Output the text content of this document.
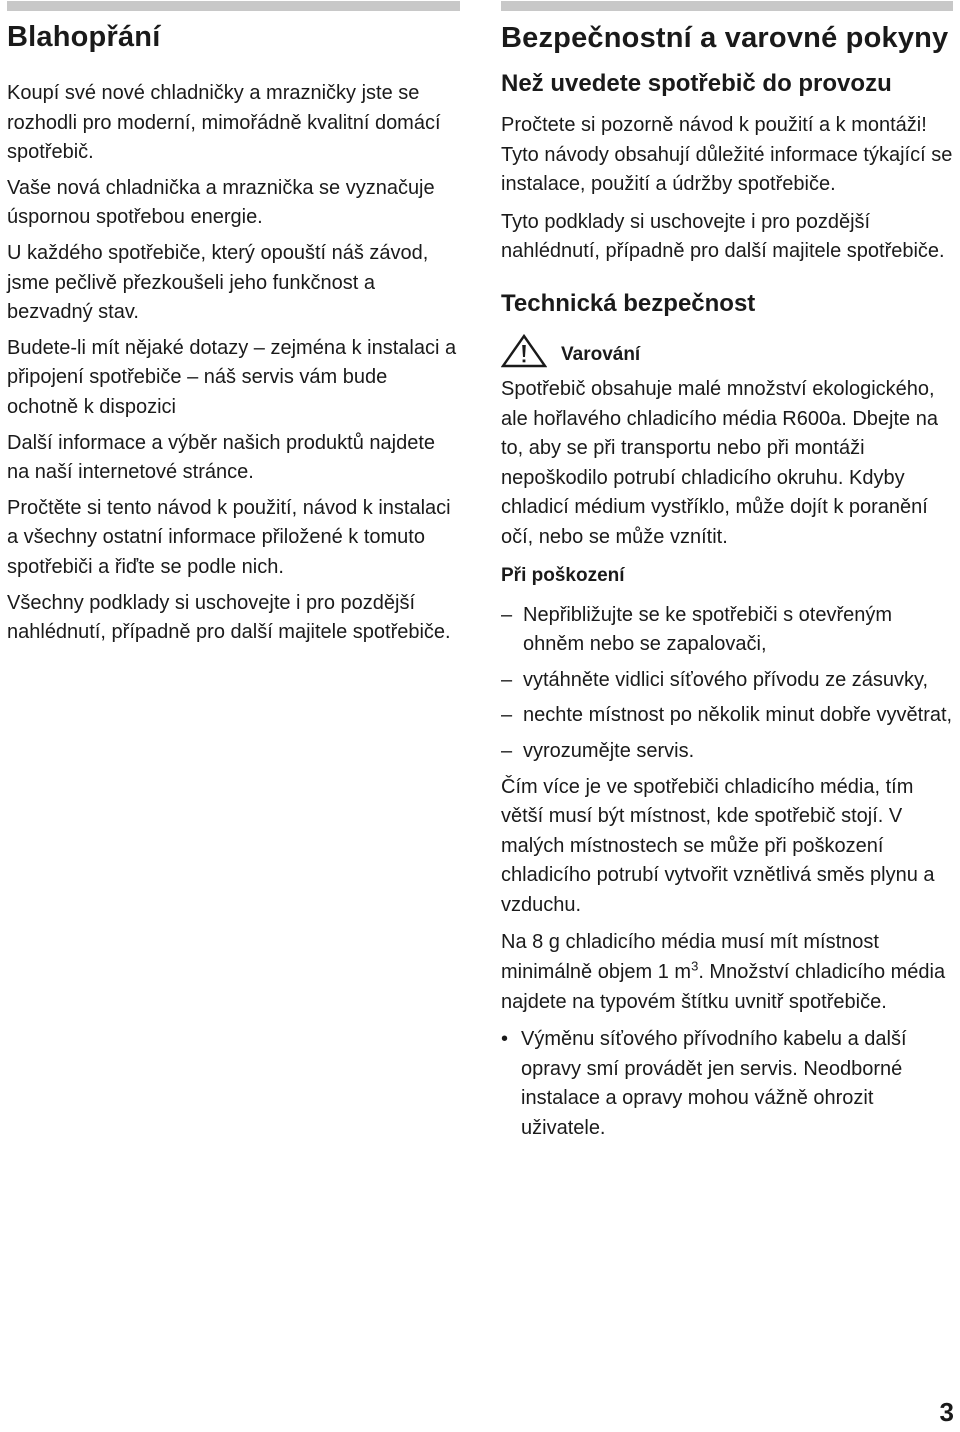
Blahopřání

Koupí své nové chladničky a mrazničky jste se rozhodli pro moderní, mimořádně kvalitní domácí spotřebič.

Vaše nová chladnička a mraznička se vyznačuje úspornou spotřebou energie.

U každého spotřebiče, který opouští náš závod, jsme pečlivě přezkoušeli jeho funkčnost a bezvadný stav.

Budete-li mít nějaké dotazy – zejména k instalaci a připojení spotřebiče – náš servis vám bude ochotně k dispozici

Další informace a výběr našich produktů najdete na naší internetové stránce.

Pročtěte si tento návod k použití, návod k instalaci a všechny ostatní informace přiložené k tomuto spotřebiči a řiďte se podle nich.

Všechny podklady si uschovejte i pro pozdější nahlédnutí, případně pro další majitele spotřebiče.

Bezpečnostní a varovné pokyny
Než uvedete spotřebič do provozu

Pročtete si pozorně návod k použití a k montáži! Tyto návody obsahují důležité informace týkající se instalace, použití a údržby spotřebiče.

Tyto podklady si uschovejte i pro pozdější nahlédnutí, případně pro další majitele spotřebiče.

Technická bezpečnost
Varování

Spotřebič obsahuje malé množství ekologického, ale hořlavého chladicího média R600a. Dbejte na to, aby se při transportu nebo při montáži nepoškodilo potrubí chladicího okruhu. Kdyby chladicí médium vystříklo, může dojít k poranění očí, nebo se může vznítit.

Při poškození
– Nepřibližujte se ke spotřebiči s otevřeným ohněm nebo se zapalovači,
– vytáhněte vidlici síťového přívodu ze zásuvky,
– nechte místnost po několik minut dobře vyvětrat,
– vyrozumějte servis.

Čím více je ve spotřebiči chladicího média, tím větší musí být místnost, kde spotřebič stojí. V malých místnostech se může při poškození chladicího potrubí vytvořit vznětlivá směs plynu a vzduchu.

Na 8 g chladicího média musí mít místnost minimálně objem 1 $m^3$. Množství chladicího média najdete na typovém štítku uvnitř spotřebiče.

• Výměnu síťového přívodního kabelu a další opravy smí provádět jen servis. Neodborné instalace a opravy mohou vážně ohrozit uživatele.
3
